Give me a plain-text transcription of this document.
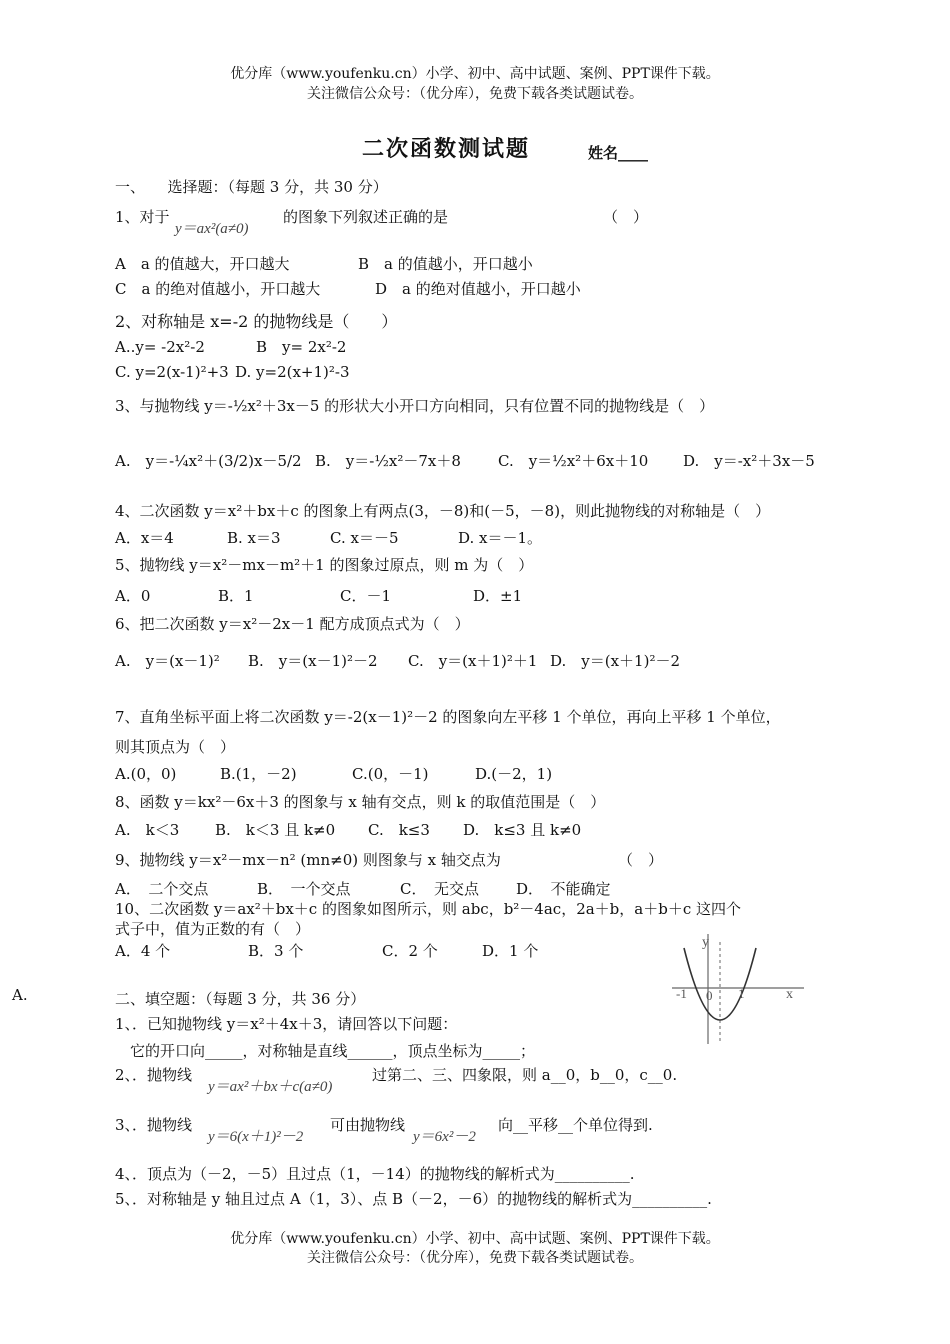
优分库（www.youfenku.cn）小学、初中、高中试题、案例、PPT课件下载。
关注微信公众号：（优分库），免费下载各类试题试卷。
二次函数测试题	姓名____
一、　　选择题：（每题 3 分，共 30 分）
1、对于
y＝ax²(a≠0)
的图象下列叙述正确的是	（　）
A　a 的值越大，开口越大	B　a 的值越小，开口越小
C　a 的绝对值越小，开口越大	D　a 的绝对值越小，开口越小
2、对称轴是 x=-2 的抛物线是（　　）
A..y= -2x²-2	B　y= 2x²-2
C. y=2(x-1)²+3 D. y=2(x+1)²-3
3、与抛物线 y＝-½x²＋3x－5 的形状大小开口方向相同，只有位置不同的抛物线是（　）
A.　y＝-¼x²＋(3/2)x－5/2 B.　y＝-½x²－7x＋8 C.　y＝½x²＋6x＋10 D.　y＝-x²＋3x－5
4、二次函数 y＝x²＋bx＋c 的图象上有两点(3，－8)和(－5，－8)，则此抛物线的对称轴是（　）
A．x＝4	B. x＝3	C. x＝－5	D. x＝－1。
5、抛物线 y＝x²－mx－m²＋1 的图象过原点，则 m 为（　）
A．0	B．1	C．－1	D．±1
6、把二次函数 y＝x²－2x－1 配方成顶点式为（　）
A.　y＝(x－1)² B.　y＝(x－1)²－2 C.　y＝(x＋1)²＋1 D.　y＝(x＋1)²－2
7、直角坐标平面上将二次函数 y＝-2(x－1)²－2 的图象向左平移 1 个单位，再向上平移 1 个单位，
则其顶点为（　）
A.(0，0)	B.(1，－2)	C.(0，－1)	D.(－2，1)
8、函数 y＝kx²－6x＋3 的图象与 x 轴有交点，则 k 的取值范围是（　）
A.　k＜3 B.　k＜3 且 k≠0 C.　k≤3 D.　k≤3 且 k≠0
9、抛物线 y＝x²－mx－n² (mn≠0) 则图象与 x 轴交点为	（　）
A．　二个交点	B．　一个交点	C．　无交点 D．　不能确定
10、二次函数 y＝ax²＋bx＋c 的图象如图所示，则 abc，b²－4ac，2a＋b，a＋b＋c 这四个
式子中，值为正数的有（　）
A．4 个	B．3 个	C．2 个	D．1 个
A.
y
x
-1 0 1
二、填空题：（每题 3 分，共 36 分）
1、．已知抛物线 y＝x²＋4x＋3，请回答以下问题：
它的开口向_____，对称轴是直线______，顶点坐标为_____；
2、．抛物线
y＝ax²＋bx＋c(a≠0)
过第二、三、四象限，则 a__0，b__0，c__0.
3、．抛物线
y＝6(x＋1)²－2
可由抛物线
y＝6x²－2
向__平移__个单位得到.
4、．顶点为（－2，－5）且过点（1，－14）的抛物线的解析式为__________.
5、．对称轴是 y 轴且过点 A（1，3）、点 B（－2，－6）的抛物线的解析式为__________.
优分库（www.youfenku.cn）小学、初中、高中试题、案例、PPT课件下载。
关注微信公众号：（优分库），免费下载各类试题试卷。
